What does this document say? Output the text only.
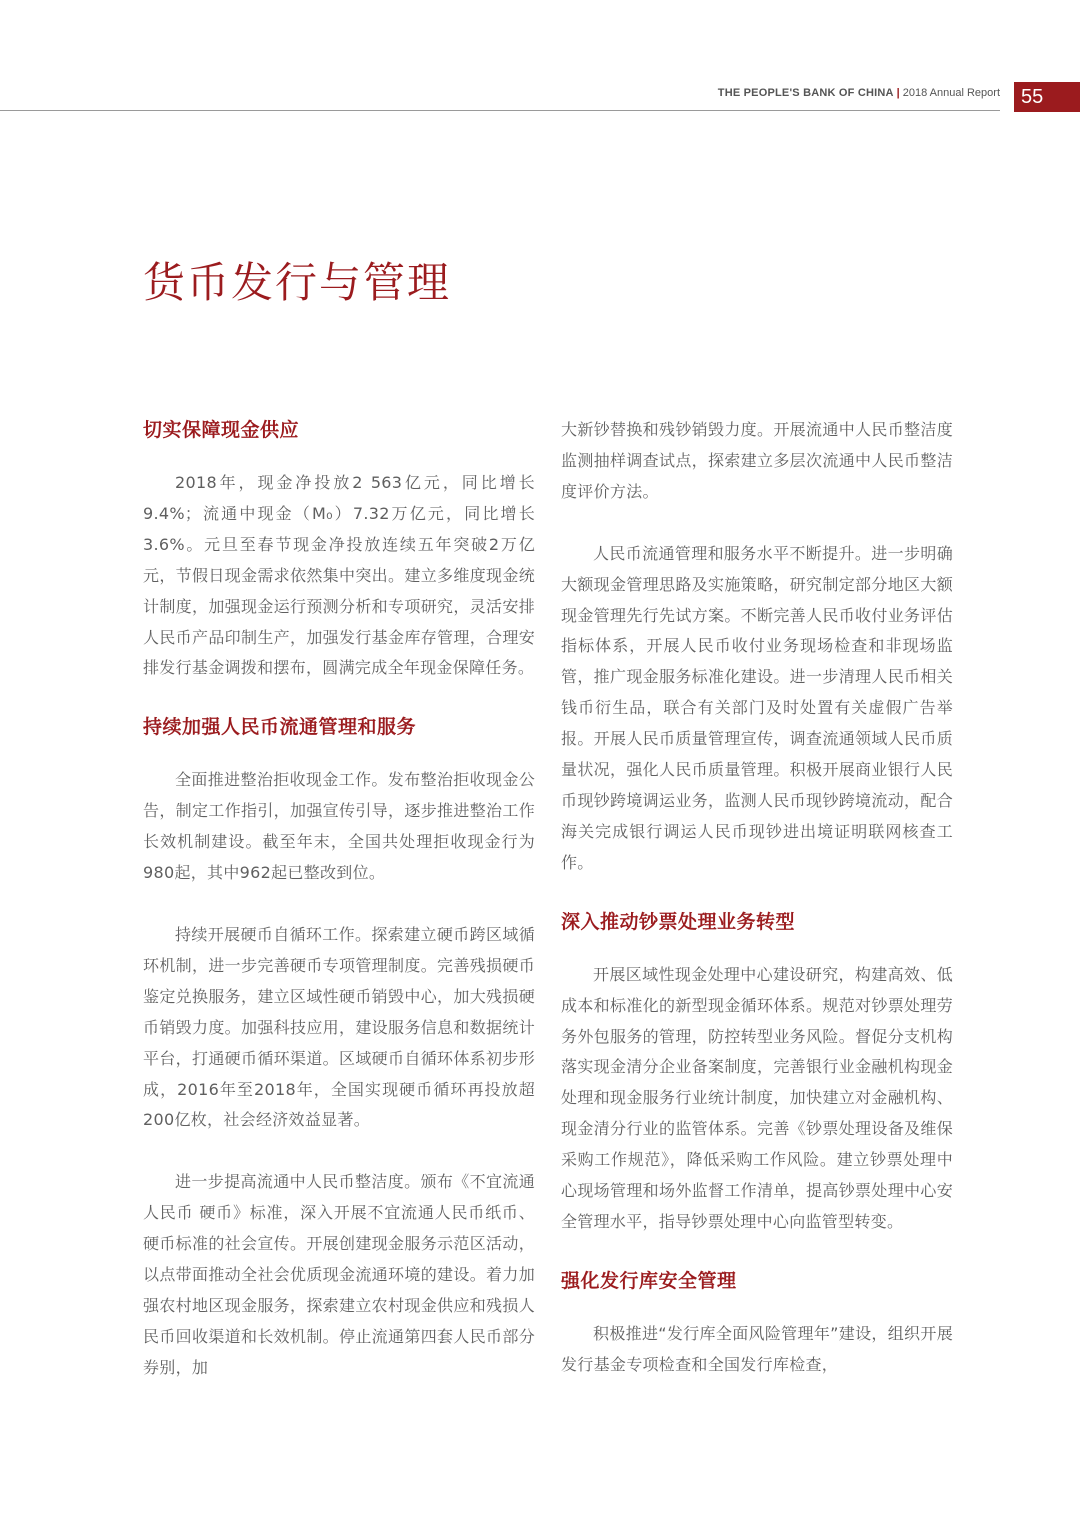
THE PEOPLE'S BANK OF CHINA | 2018 Annual Report	55
货币发行与管理
切实保障现金供应

2018年，现金净投放2 563亿元，同比增长9.4%；流通中现金（M₀）7.32万亿元，同比增长3.6%。元旦至春节现金净投放连续五年突破2万亿元，节假日现金需求依然集中突出。建立多维度现金统计制度，加强现金运行预测分析和专项研究，灵活安排人民币产品印制生产，加强发行基金库存管理，合理安排发行基金调拨和摆布，圆满完成全年现金保障任务。

持续加强人民币流通管理和服务

全面推进整治拒收现金工作。发布整治拒收现金公告，制定工作指引，加强宣传引导，逐步推进整治工作长效机制建设。截至年末，全国共处理拒收现金行为980起，其中962起已整改到位。

持续开展硬币自循环工作。探索建立硬币跨区域循环机制，进一步完善硬币专项管理制度。完善残损硬币鉴定兑换服务，建立区域性硬币销毁中心，加大残损硬币销毁力度。加强科技应用，建设服务信息和数据统计平台，打通硬币循环渠道。区域硬币自循环体系初步形成，2016年至2018年，全国实现硬币循环再投放超200亿枚，社会经济效益显著。

进一步提高流通中人民币整洁度。颁布《不宜流通人民币 硬币》标准，深入开展不宜流通人民币纸币、硬币标准的社会宣传。开展创建现金服务示范区活动，以点带面推动全社会优质现金流通环境的建设。着力加强农村地区现金服务，探索建立农村现金供应和残损人民币回收渠道和长效机制。停止流通第四套人民币部分券别，加

大新钞替换和残钞销毁力度。开展流通中人民币整洁度监测抽样调查试点，探索建立多层次流通中人民币整洁度评价方法。

人民币流通管理和服务水平不断提升。进一步明确大额现金管理思路及实施策略，研究制定部分地区大额现金管理先行先试方案。不断完善人民币收付业务评估指标体系，开展人民币收付业务现场检查和非现场监管，推广现金服务标准化建设。进一步清理人民币相关钱币衍生品，联合有关部门及时处置有关虚假广告举报。开展人民币质量管理宣传，调查流通领域人民币质量状况，强化人民币质量管理。积极开展商业银行人民币现钞跨境调运业务，监测人民币现钞跨境流动，配合海关完成银行调运人民币现钞进出境证明联网核查工作。

深入推动钞票处理业务转型

开展区域性现金处理中心建设研究，构建高效、低成本和标准化的新型现金循环体系。规范对钞票处理劳务外包服务的管理，防控转型业务风险。督促分支机构落实现金清分企业备案制度，完善银行业金融机构现金处理和现金服务行业统计制度，加快建立对金融机构、现金清分行业的监管体系。完善《钞票处理设备及维保采购工作规范》，降低采购工作风险。建立钞票处理中心现场管理和场外监督工作清单，提高钞票处理中心安全管理水平，指导钞票处理中心向监管型转变。

强化发行库安全管理

积极推进“发行库全面风险管理年”建设，组织开展发行基金专项检查和全国发行库检查，
